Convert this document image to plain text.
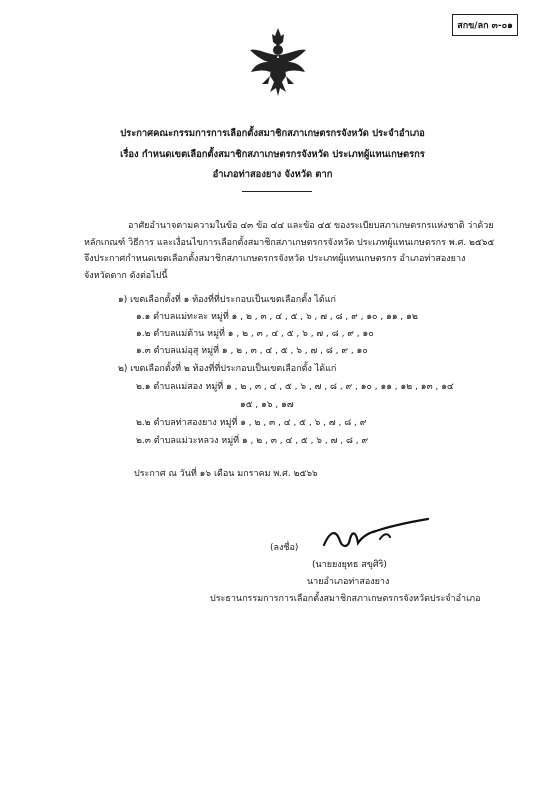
สกข/ลก ๓-๐๑
ประกาศคณะกรรมการการเลือกตั้งสมาชิกสภาเกษตรกรจังหวัด ประจำอำเภอ
เรื่อง กำหนดเขตเลือกตั้งสมาชิกสภาเกษตรกรจังหวัด ประเภทผู้แทนเกษตรกร
อำเภอท่าสองยาง จังหวัด ตาก
อาศัยอำนาจตามความในข้อ ๔๓ ข้อ ๔๔ และข้อ ๔๕ ของระเบียบสภาเกษตรกรแห่งชาติ ว่าด้วย
หลักเกณฑ์ วิธีการ และเงื่อนไขการเลือกตั้งสมาชิกสภาเกษตรกรจังหวัด ประเภทผู้แทนเกษตรกร พ.ศ. ๒๕๖๕
จึงประกาศกำหนดเขตเลือกตั้งสมาชิกสภาเกษตรกรจังหวัด ประเภทผู้แทนเกษตรกร อำเภอท่าสองยาง
จังหวัดตาก ดังต่อไปนี้
๑) เขตเลือกตั้งที่ ๑ ท้องที่ที่ประกอบเป็นเขตเลือกตั้ง ได้แก่
๑.๑ ตำบลแม่ทะละ หมู่ที่ ๑ , ๒ , ๓ , ๔ , ๕ , ๖ , ๗ , ๘ , ๙ , ๑๐ , ๑๑ , ๑๒
๑.๒ ตำบลแม่ต้าน หมู่ที่ ๑ , ๒ , ๓ , ๔ , ๕ , ๖ , ๗ , ๘ , ๙ , ๑๐
๑.๓ ตำบลแม่อุสุ หมู่ที่ ๑ , ๒ , ๓ , ๔ , ๕ , ๖ , ๗ , ๘ , ๙ , ๑๐
๒) เขตเลือกตั้งที่ ๒ ท้องที่ที่ประกอบเป็นเขตเลือกตั้ง ได้แก่
๒.๑ ตำบลแม่สอง หมู่ที่ ๑ , ๒ , ๓ , ๔ , ๕ , ๖ , ๗ , ๘ , ๙ , ๑๐ , ๑๑ , ๑๒ , ๑๓ , ๑๔
๑๕ , ๑๖ , ๑๗
๒.๒ ตำบลท่าสองยาง หมู่ที่ ๑ , ๒ , ๓ , ๔ , ๕ , ๖ , ๗ , ๘ , ๙
๒.๓ ตำบลแม่วะหลวง หมู่ที่ ๑ , ๒ , ๓ , ๔ , ๕ , ๖ , ๗ , ๘ , ๙
ประกาศ ณ วันที่ ๑๖ เดือน มกราคม พ.ศ. ๒๕๖๖
(ลงชื่อ)
(นายยงยุทธ สขุศิริ)
นายอำเภอท่าสองยาง
ประธานกรรมการการเลือกตั้งสมาชิกสภาเกษตรกรจังหวัดประจำอำเภอ
